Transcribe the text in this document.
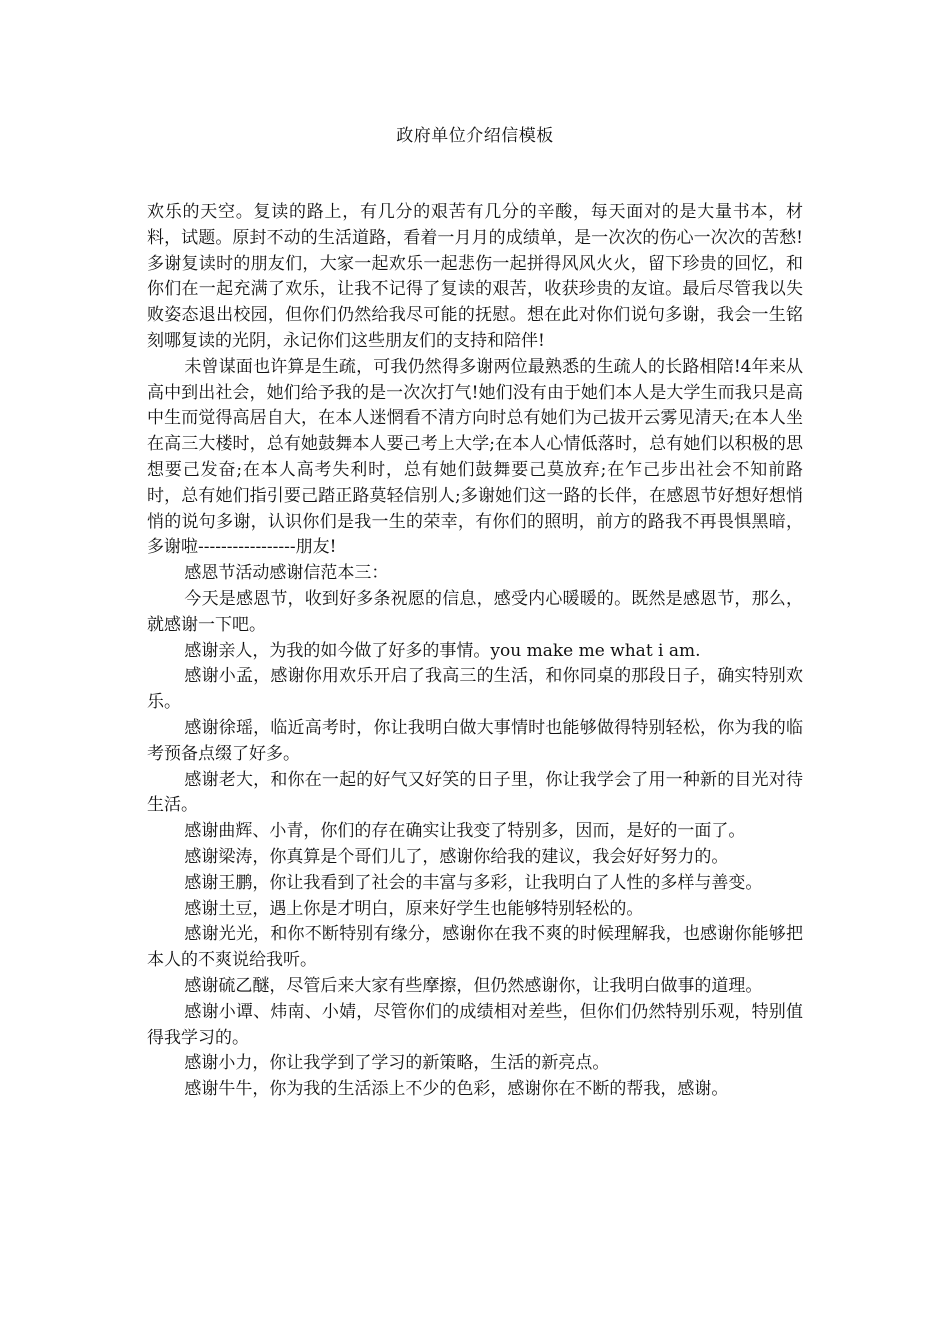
政府单位介绍信模板

欢乐的天空。复读的路上，有几分的艰苦有几分的辛酸，每天面对的是大量书本，材料，试题。原封不动的生活道路，看着一月月的成绩单，是一次次的伤心一次次的苦愁!多谢复读时的朋友们，大家一起欢乐一起悲伤一起拼得风风火火，留下珍贵的回忆，和你们在一起充满了欢乐，让我不记得了复读的艰苦，收获珍贵的友谊。最后尽管我以失败姿态退出校园，但你们仍然给我尽可能的抚慰。想在此对你们说句多谢，我会一生铭刻哪复读的光阴，永记你们这些朋友们的支持和陪伴!

未曾谋面也许算是生疏，可我仍然得多谢两位最熟悉的生疏人的长路相陪!4年来从高中到出社会，她们给予我的是一次次打气!她们没有由于她们本人是大学生而我只是高中生而觉得高居自大，在本人迷惘看不清方向时总有她们为己拔开云雾见清天;在本人坐在高三大楼时，总有她鼓舞本人要己考上大学;在本人心情低落时，总有她们以积极的思想要己发奋;在本人高考失利时，总有她们鼓舞要己莫放弃;在乍己步出社会不知前路时，总有她们指引要己踏正路莫轻信别人;多谢她们这一路的长伴，在感恩节好想好想悄悄的说句多谢，认识你们是我一生的荣幸，有你们的照明，前方的路我不再畏惧黑暗，多谢啦-----------------朋友!

感恩节活动感谢信范本三：

今天是感恩节，收到好多条祝愿的信息，感受内心暖暖的。既然是感恩节，那么，就感谢一下吧。

感谢亲人，为我的如今做了好多的事情。you make me what i am.

感谢小孟，感谢你用欢乐开启了我高三的生活，和你同桌的那段日子，确实特别欢乐。

感谢徐瑶，临近高考时，你让我明白做大事情时也能够做得特别轻松，你为我的临考预备点缀了好多。

感谢老大，和你在一起的好气又好笑的日子里，你让我学会了用一种新的目光对待生活。

感谢曲辉、小青，你们的存在确实让我变了特别多，因而，是好的一面了。

感谢梁涛，你真算是个哥们儿了，感谢你给我的建议，我会好好努力的。

感谢王鹏，你让我看到了社会的丰富与多彩，让我明白了人性的多样与善变。

感谢土豆，遇上你是才明白，原来好学生也能够特别轻松的。

感谢光光，和你不断特别有缘分，感谢你在我不爽的时候理解我，也感谢你能够把本人的不爽说给我听。

感谢硫乙醚，尽管后来大家有些摩擦，但仍然感谢你，让我明白做事的道理。

感谢小谭、炜南、小婧，尽管你们的成绩相对差些，但你们仍然特别乐观，特别值得我学习的。

感谢小力，你让我学到了学习的新策略，生活的新亮点。

感谢牛牛，你为我的生活添上不少的色彩，感谢你在不断的帮我，感谢。
